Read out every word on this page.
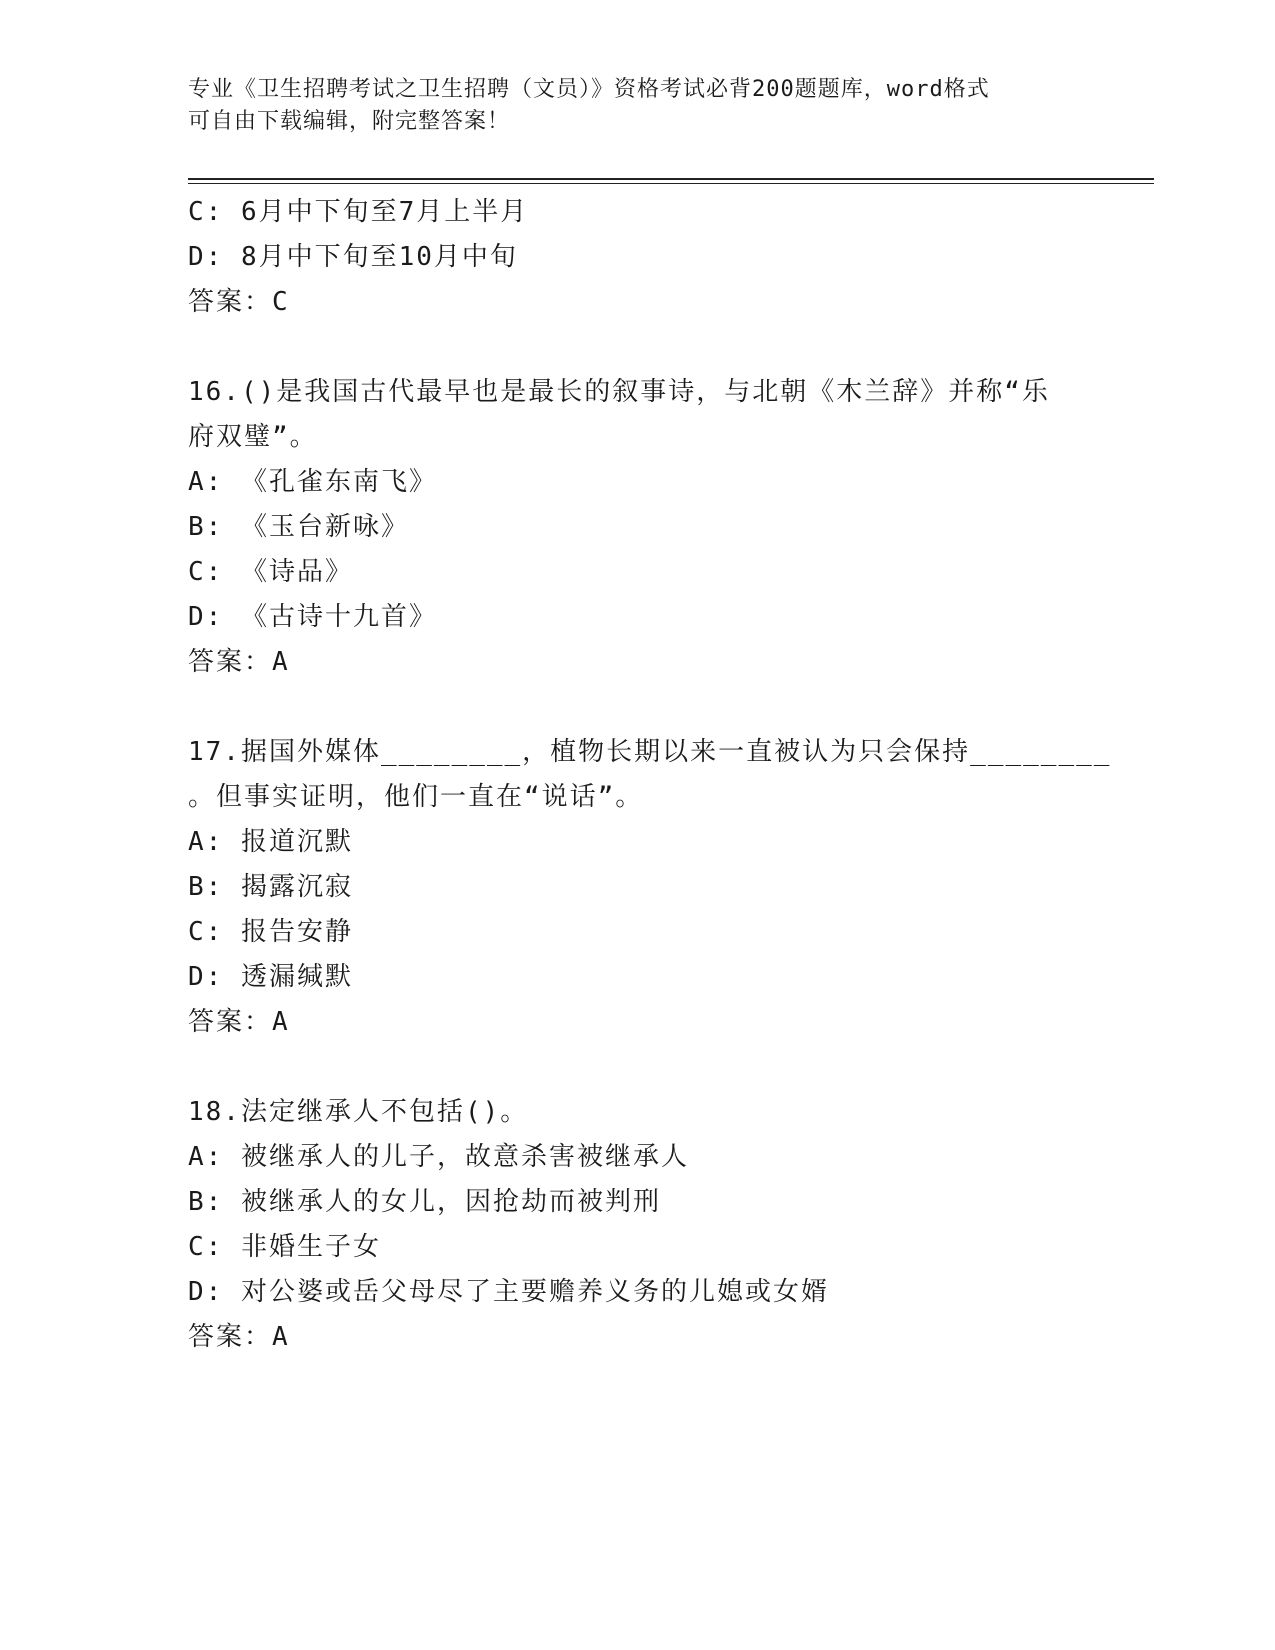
专业《卫生招聘考试之卫生招聘（文员）》资格考试必背200题题库，word格式
可自由下载编辑，附完整答案！
C: 6月中下旬至7月上半月
D: 8月中下旬至10月中旬
答案：C
16.()是我国古代最早也是最长的叙事诗，与北朝《木兰辞》并称“乐
府双璧”。
A: 《孔雀东南飞》
B: 《玉台新咏》
C: 《诗品》
D: 《古诗十九首》
答案：A
17.据国外媒体________，植物长期以来一直被认为只会保持________
。但事实证明，他们一直在“说话”。
A: 报道沉默
B: 揭露沉寂
C: 报告安静
D: 透漏缄默
答案：A
18.法定继承人不包括()。
A: 被继承人的儿子，故意杀害被继承人
B: 被继承人的女儿，因抢劫而被判刑
C: 非婚生子女
D: 对公婆或岳父母尽了主要赡养义务的儿媳或女婿
答案：A
